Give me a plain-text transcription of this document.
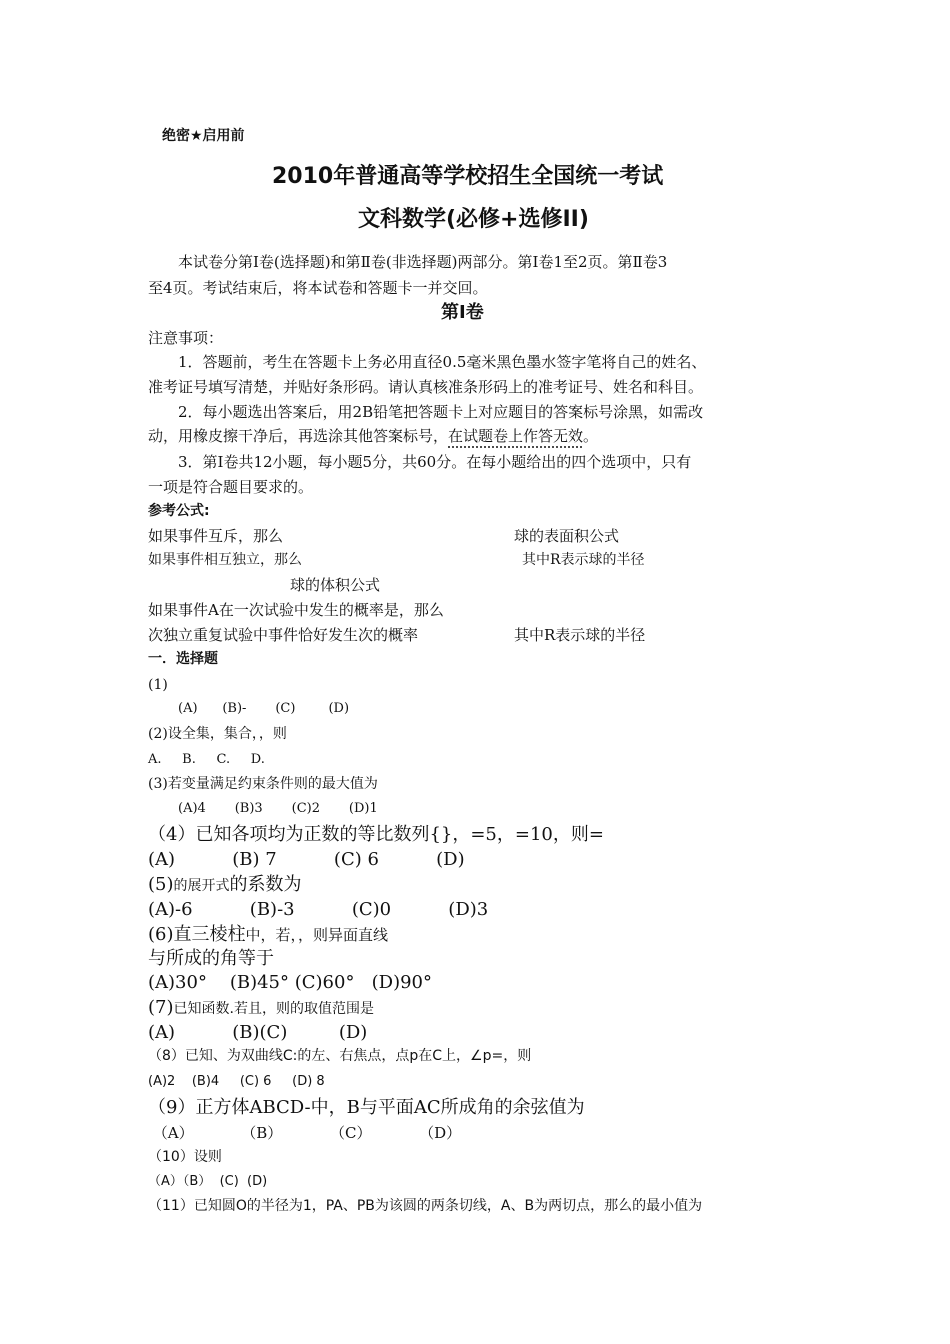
绝密★启用前
2010年普通高等学校招生全国统一考试
文科数学(必修+选修II)
本试卷分第Ⅰ卷(选择题)和第Ⅱ卷(非选择题)两部分。第Ⅰ卷1至2页。第Ⅱ卷3
至4页。考试结束后，将本试卷和答题卡一并交回。
第Ⅰ卷
注意事项：
1．答题前，考生在答题卡上务必用直径0.5毫米黑色墨水签字笔将自己的姓名、
准考证号填写清楚，并贴好条形码。请认真核准条形码上的准考证号、姓名和科目。
2．每小题选出答案后，用2B铅笔把答题卡上对应题目的答案标号涂黑，如需改
动，用橡皮擦干净后，再选涂其他答案标号，在试题卷上作答无效。
3．第Ⅰ卷共12小题，每小题5分，共60分。在每小题给出的四个选项中，只有
一项是符合题目要求的。
参考公式:
如果事件互斥，那么	球的表面积公式
如果事件相互独立，那么	其中R表示球的半径
球的体积公式
如果事件A在一次试验中发生的概率是，那么
次独立重复试验中事件恰好发生次的概率	其中R表示球的半径
一．选择题
(1)
(A)      (B)-       (C)        (D)
(2)设全集，集合，，则
A.     B.     C.     D.
(3)若变量满足约束条件则的最大值为
(A)4       (B)3       (C)2       (D)1
（4）已知各项均为正数的等比数列{}，=5，=10，则=
(A)          (B) 7          (C) 6          (D)
(5)的展开式的系数为
(A)-6          (B)-3          (C)0          (D)3
(6)直三棱柱中，若，，则异面直线
与所成的角等于
(A)30°    (B)45° (C)60°   (D)90°
(7)已知函数.若且，则的取值范围是
(A)          (B)(C)         (D)
（8）已知、为双曲线C:的左、右焦点，点p在C上，∠p=，则
(A)2    (B)4     (C) 6     (D) 8
（9）正方体ABCD-中，B与平面AC所成角的余弦值为
（A）          （B）          （C）          （D）
（10）设则
（A）（B）  (C)  (D)
（11）已知圆O的半径为1，PA、PB为该圆的两条切线，A、B为两切点，那么的最小值为
